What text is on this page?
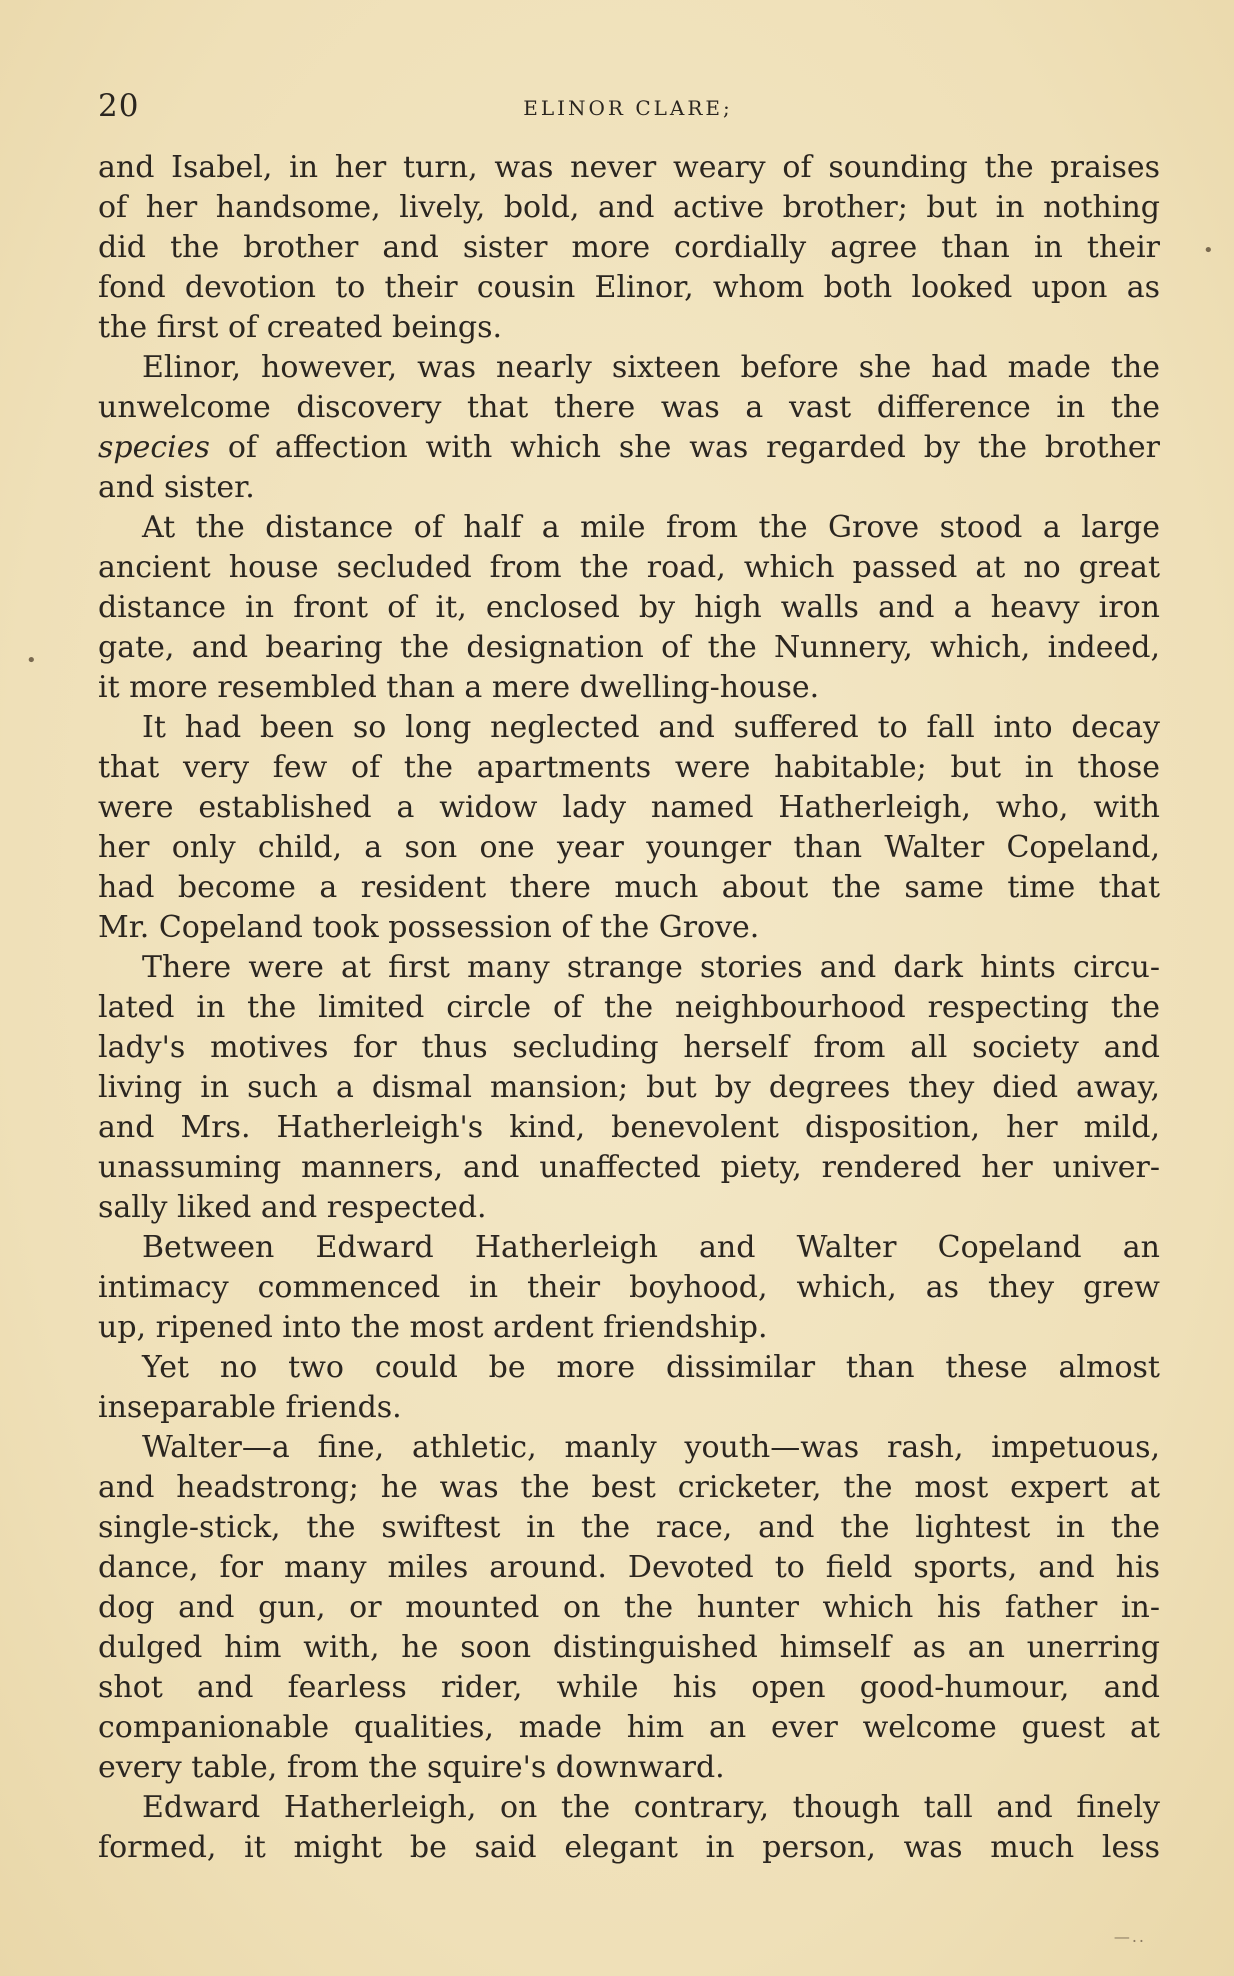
20	ELINOR CLARE;
and Isabel, in her turn, was never weary of sounding the praises
of her handsome, lively, bold, and active brother; but in nothing
did the brother and sister more cordially agree than in their
fond devotion to their cousin Elinor, whom both looked upon as
the first of created beings.
Elinor, however, was nearly sixteen before she had made the
unwelcome discovery that there was a vast difference in the
species of affection with which she was regarded by the brother
and sister.
At the distance of half a mile from the Grove stood a large
ancient house secluded from the road, which passed at no great
distance in front of it, enclosed by high walls and a heavy iron
gate, and bearing the designation of the Nunnery, which, indeed,
it more resembled than a mere dwelling-house.
It had been so long neglected and suffered to fall into decay
that very few of the apartments were habitable; but in those
were established a widow lady named Hatherleigh, who, with
her only child, a son one year younger than Walter Copeland,
had become a resident there much about the same time that
Mr. Copeland took possession of the Grove.
There were at first many strange stories and dark hints circu-
lated in the limited circle of the neighbourhood respecting the
lady's motives for thus secluding herself from all society and
living in such a dismal mansion; but by degrees they died away,
and Mrs. Hatherleigh's kind, benevolent disposition, her mild,
unassuming manners, and unaffected piety, rendered her univer-
sally liked and respected.
Between Edward Hatherleigh and Walter Copeland an
intimacy commenced in their boyhood, which, as they grew
up, ripened into the most ardent friendship.
Yet no two could be more dissimilar than these almost
inseparable friends.
Walter—a fine, athletic, manly youth—was rash, impetuous,
and headstrong; he was the best cricketer, the most expert at
single-stick, the swiftest in the race, and the lightest in the
dance, for many miles around. Devoted to field sports, and his
dog and gun, or mounted on the hunter which his father in-
dulged him with, he soon distinguished himself as an unerring
shot and fearless rider, while his open good-humour, and
companionable qualities, made him an ever welcome guest at
every table, from the squire's downward.
Edward Hatherleigh, on the contrary, though tall and finely
formed, it might be said elegant in person, was much less
•
•
—..
